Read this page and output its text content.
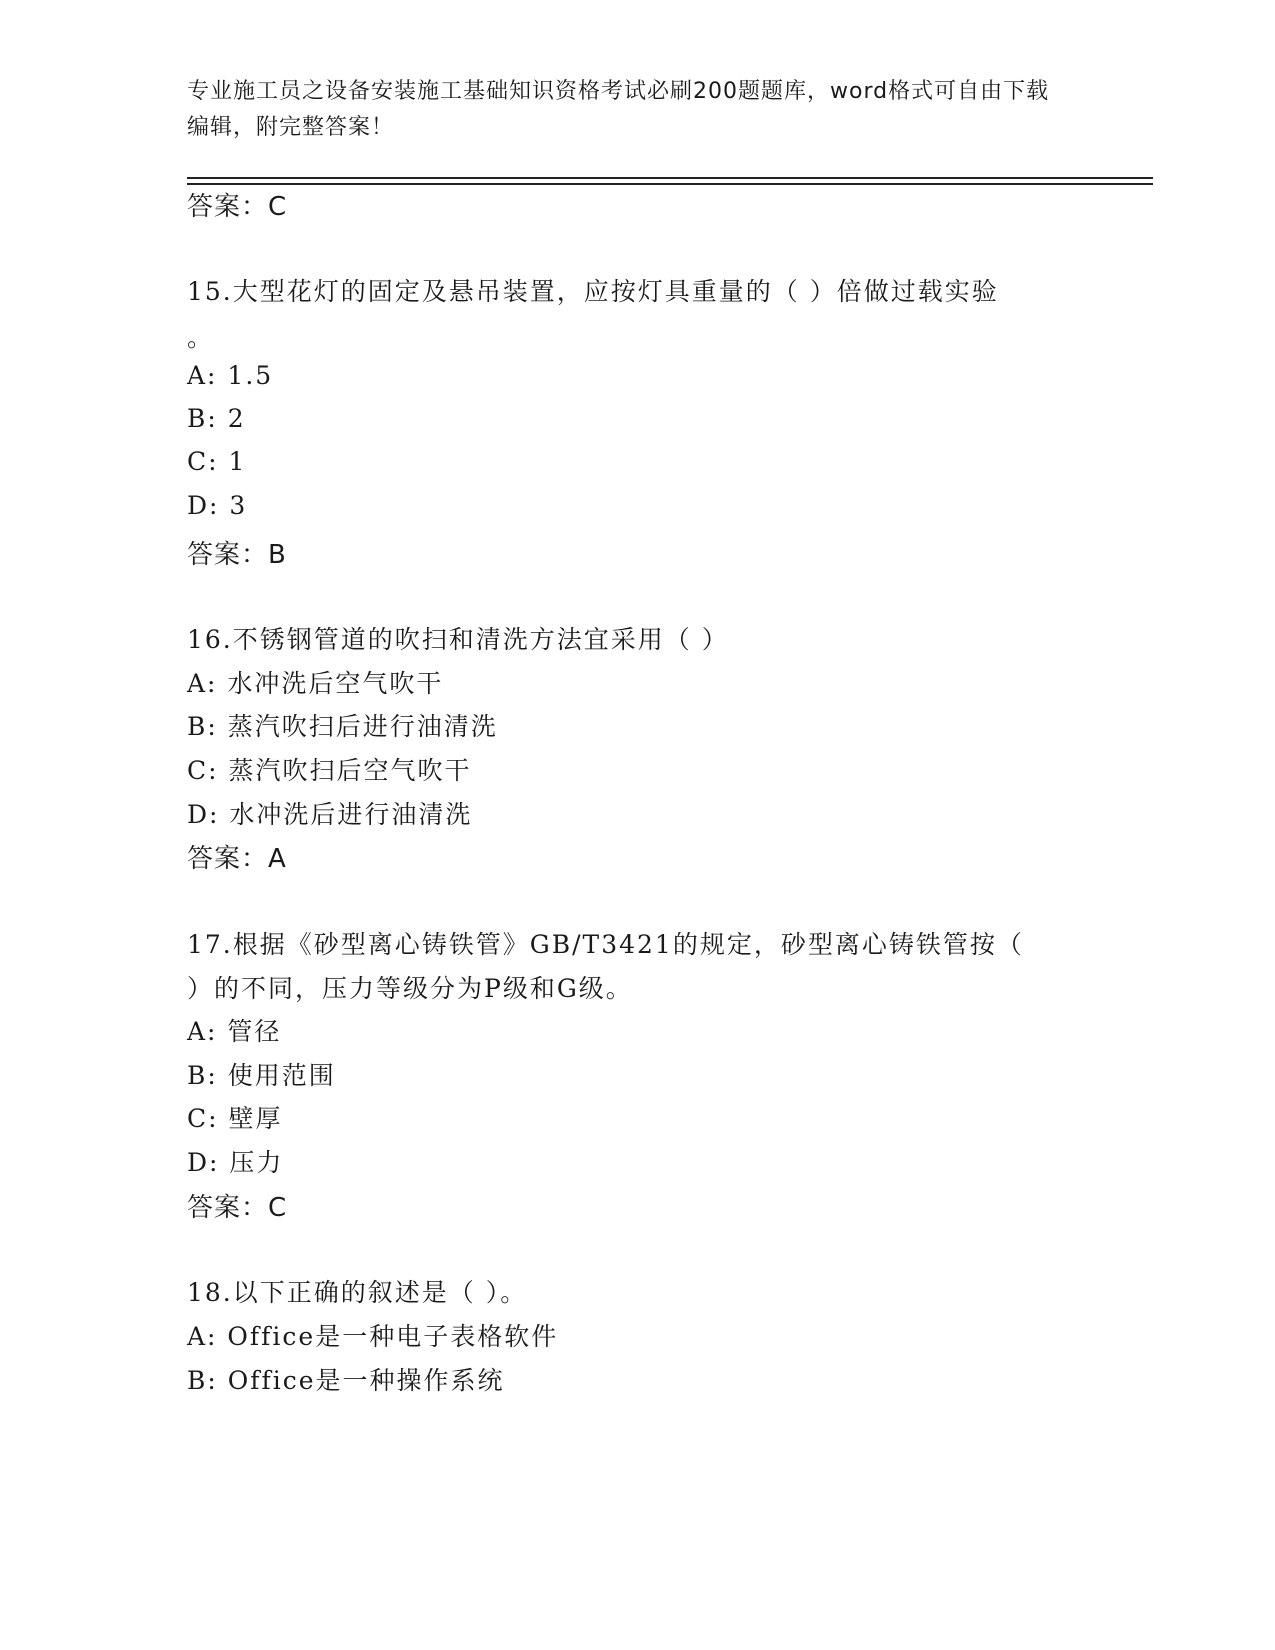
专业施工员之设备安装施工基础知识资格考试必刷200题题库，word格式可自由下载编辑，附完整答案！
答案：C
15.大型花灯的固定及悬吊装置，应按灯具重量的（ ）倍做过载实验
。
A: 1.5
B: 2
C: 1
D: 3
答案：B
16.不锈钢管道的吹扫和清洗方法宜采用（ ）
A: 水冲洗后空气吹干
B: 蒸汽吹扫后进行油清洗
C: 蒸汽吹扫后空气吹干
D: 水冲洗后进行油清洗
答案：A
17.根据《砂型离心铸铁管》GB/T3421的规定，砂型离心铸铁管按（
）的不同，压力等级分为P级和G级。
A: 管径
B: 使用范围
C: 壁厚
D: 压力
答案：C
18.以下正确的叙述是（ ）。
A: Office是一种电子表格软件
B: Office是一种操作系统
